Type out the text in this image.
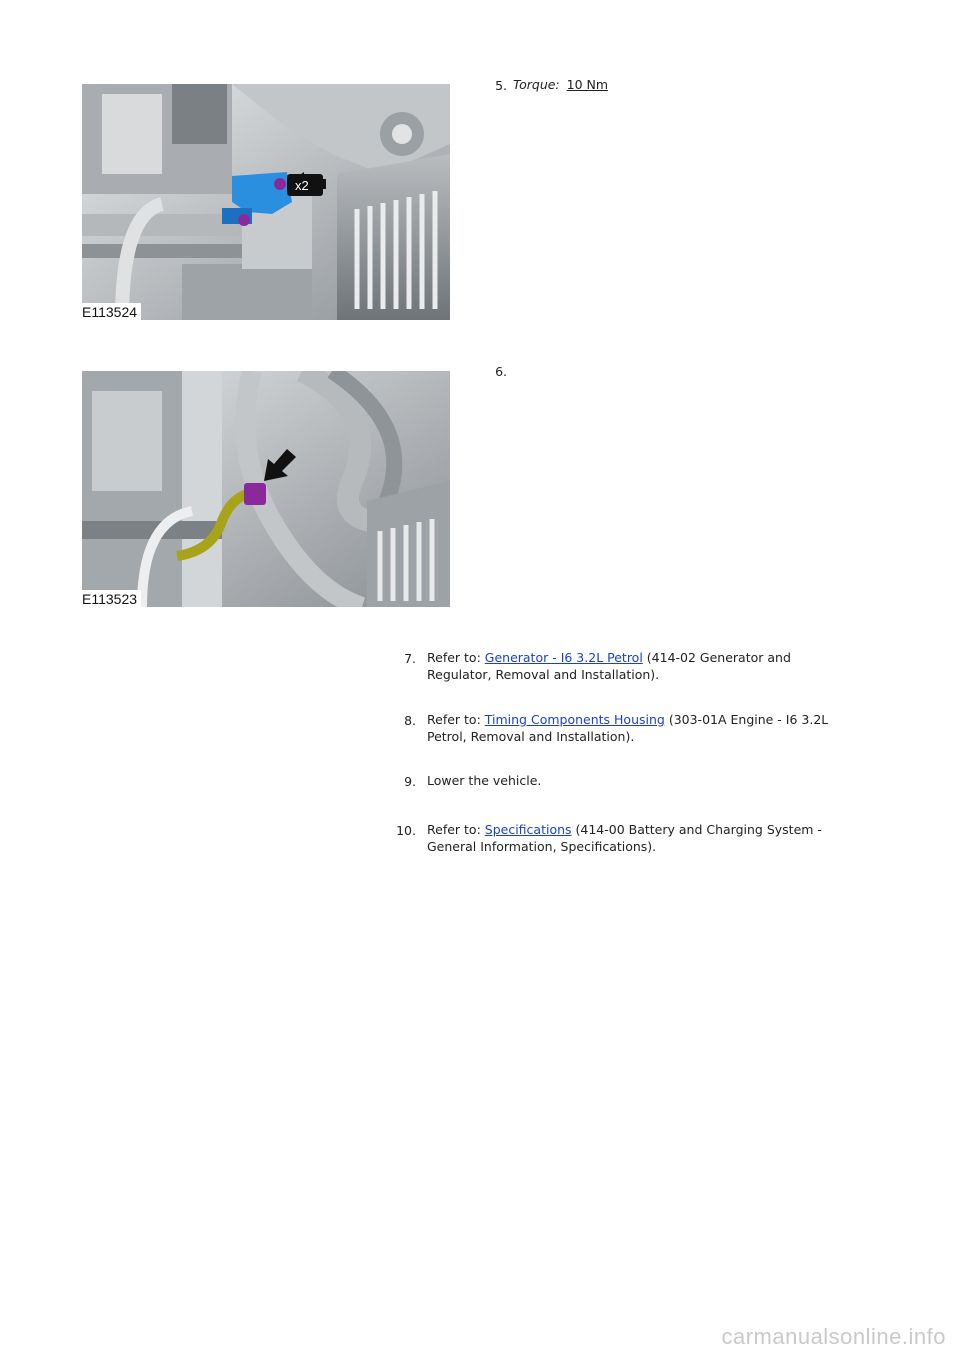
x2
E113524
5. Torque: 10 Nm
E113523
6.
7. Refer to: Generator - I6 3.2L Petrol (414-02 Generator and
Regulator, Removal and Installation).
8. Refer to: Timing Components Housing (303-01A Engine - I6 3.2L
Petrol, Removal and Installation).
9. Lower the vehicle.
10. Refer to: Specifications (414-00 Battery and Charging System -
General Information, Specifications).
carmanualsonline.info
